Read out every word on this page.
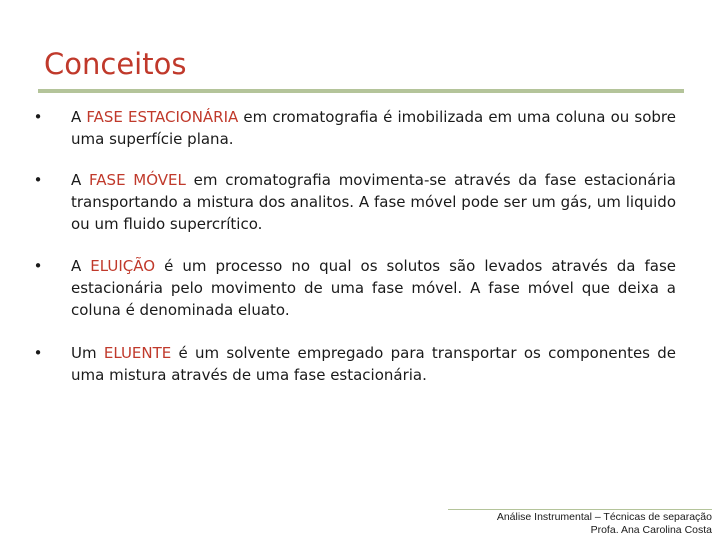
Conceitos
• A FASE ESTACIONÁRIA em cromatografia é imobilizada em uma coluna ou sobre uma superfície plana.
• A FASE MÓVEL em cromatografia movimenta-se através da fase estacionária transportando a mistura dos analitos. A fase móvel pode ser um gás, um liquido ou um fluido supercrítico.
• A ELUIÇÃO é um processo no qual os solutos são levados através da fase estacionária pelo movimento de uma fase móvel. A fase móvel que deixa a coluna é denominada eluato.
• Um ELUENTE é um solvente empregado para transportar os componentes de uma mistura através de uma fase estacionária.
Análise Instrumental – Técnicas de separação
Profa. Ana Carolina Costa
